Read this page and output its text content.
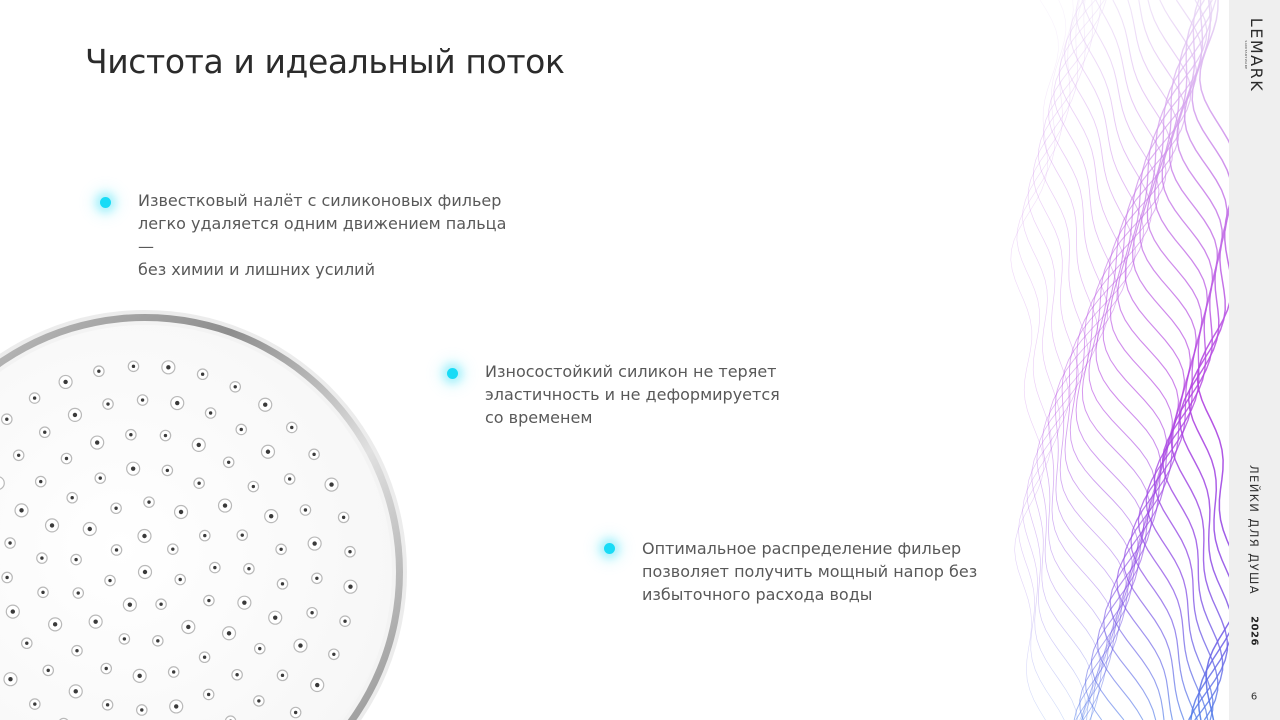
Чистота и идеальный поток
Известковый налёт с силиконовых фильер
легко удаляется одним движением пальца —
без химии и лишних усилий
Износостойкий силикон не теряет
эластичность и не деформируется
со временем
Оптимальное распределение фильер
позволяет получить мощный напор без
избыточного расхода воды
LEMARK
SANITARYWARE
ЛЕЙКИ ДЛЯ ДУША
2026
6
